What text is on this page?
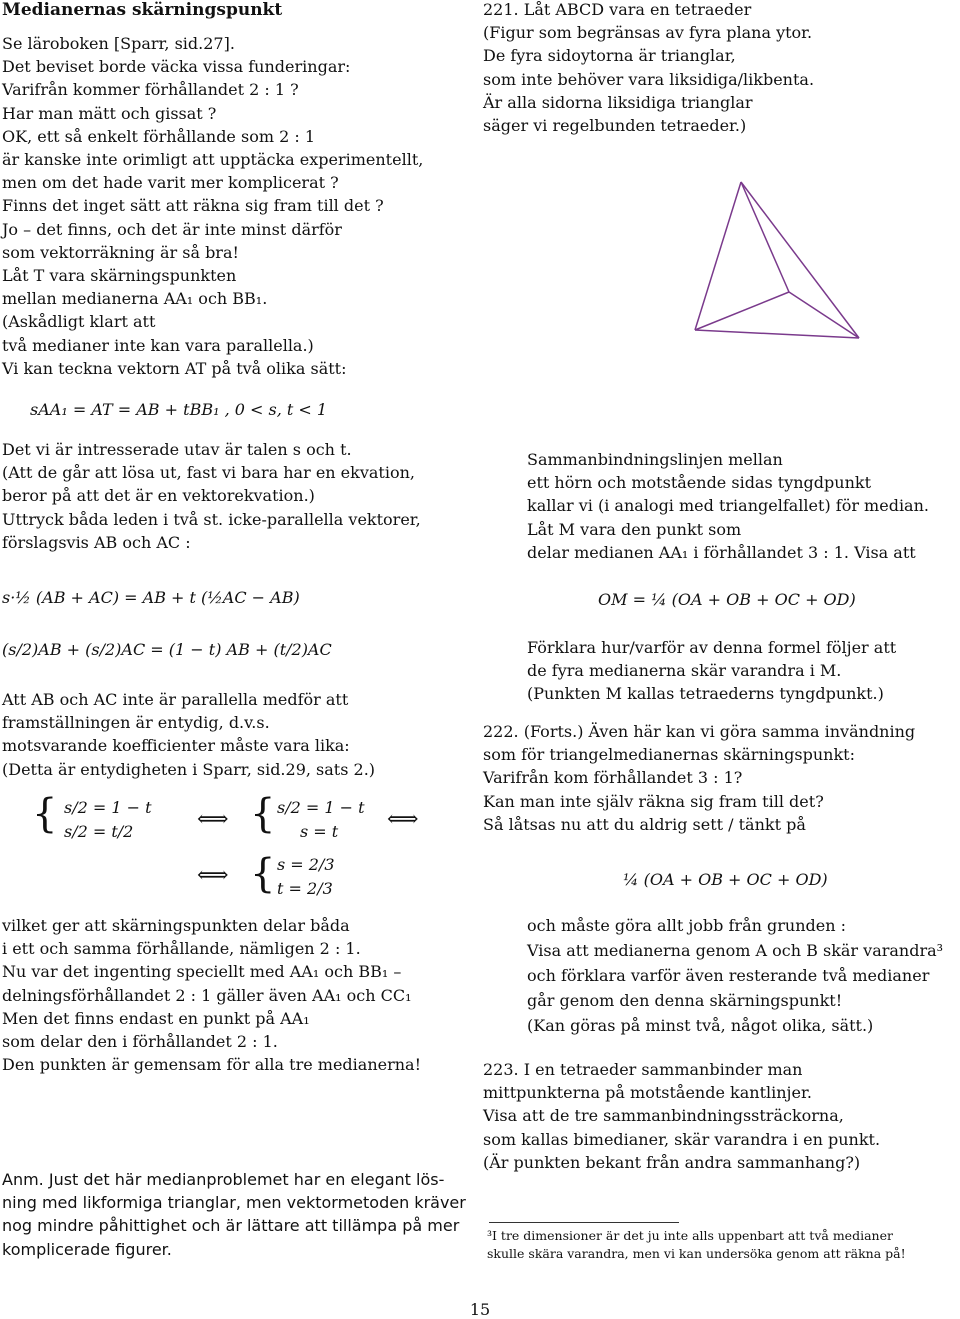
Medianernas skärningspunkt
Se läroboken [Sparr, sid.27].
Det beviset borde väcka vissa funderingar:
Varifrån kommer förhållandet 2 : 1 ?
Har man mätt och gissat ?
OK, ett så enkelt förhållande som 2 : 1
är kanske inte orimligt att upptäcka experimentellt,
men om det hade varit mer komplicerat ?
Finns det inget sätt att räkna sig fram till det ?
Jo – det finns, och det är inte minst därför
som vektorräkning är så bra!
Låt T vara skärningspunkten
mellan medianerna AA₁ och BB₁.
(Askådligt klart att
två medianer inte kan vara parallella.)
Vi kan teckna vektorn AT på två olika sätt:
sAA₁ = AT = AB + tBB₁ , 0 < s, t < 1
Det vi är intresserade utav är talen s och t.
(Att de går att lösa ut, fast vi bara har en ekvation,
beror på att det är en vektorekvation.)
Uttryck båda leden i två st. icke-parallella vektorer,
förslagsvis AB och AC :
s·½ (AB + AC) = AB + t (½AC − AB)
(s/2)AB + (s/2)AC = (1 − t) AB + (t/2)AC
Att AB och AC inte är parallella medför att
framställningen är entydig, d.v.s.
motsvarande koefficienter måste vara lika:
(Detta är entydigheten i Sparr, sid.29, sats 2.)
{ s/2 = 1 − t
s/2 = t/2	⟺ { s/2 = 1 − t
s = t ⟺
⟺ { s = 2/3
t = 2/3
vilket ger att skärningspunkten delar båda
i ett och samma förhållande, nämligen 2 : 1.
Nu var det ingenting speciellt med AA₁ och BB₁ –
delningsförhållandet 2 : 1 gäller även AA₁ och CC₁
Men det finns endast en punkt på AA₁
som delar den i förhållandet 2 : 1.
Den punkten är gemensam för alla tre medianerna!
Anm. Just det här medianproblemet har en elegant lös-
ning med likformiga trianglar, men vektormetoden kräver
nog mindre påhittighet och är lättare att tillämpa på mer
komplicerade figurer.
221. Låt ABCD vara en tetraeder
(Figur som begränsas av fyra plana ytor.
De fyra sidoytorna är trianglar,
som inte behöver vara liksidiga/likbenta.
Är alla sidorna liksidiga trianglar
säger vi regelbunden tetraeder.)
Sammanbindningslinjen mellan
ett hörn och motstående sidas tyngdpunkt
kallar vi (i analogi med triangelfallet) för median.
Låt M vara den punkt som
delar medianen AA₁ i förhållandet 3 : 1. Visa att
OM = ¼ (OA + OB + OC + OD)
Förklara hur/varför av denna formel följer att
de fyra medianerna skär varandra i M.
(Punkten M kallas tetraederns tyngdpunkt.)
222. (Forts.) Även här kan vi göra samma invändning
som för triangelmedianernas skärningspunkt:
Varifrån kom förhållandet 3 : 1?
Kan man inte själv räkna sig fram till det?
Så låtsas nu att du aldrig sett / tänkt på
¼ (OA + OB + OC + OD)
och måste göra allt jobb från grunden :
Visa att medianerna genom A och B skär varandra³
och förklara varför även resterande två medianer
går genom den denna skärningspunkt!
(Kan göras på minst två, något olika, sätt.)
223. I en tetraeder sammanbinder man
mittpunkterna på motstående kantlinjer.
Visa att de tre sammanbindningssträckorna,
som kallas bimedianer, skär varandra i en punkt.
(Är punkten bekant från andra sammanhang?)
³I tre dimensioner är det ju inte alls uppenbart att två medianer
skulle skära varandra, men vi kan undersöka genom att räkna på!
15
